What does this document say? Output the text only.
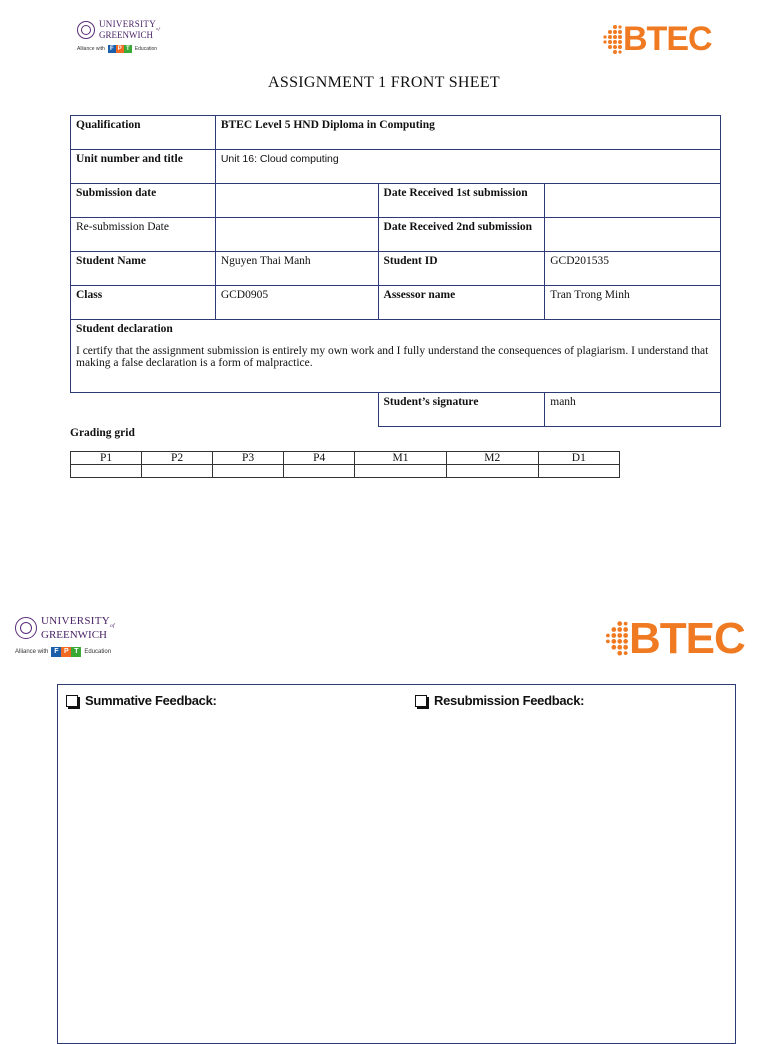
$UNIVERSITY_{of}$
GREENWICH
Alliance with F P T	Education	BTEC
ASSIGNMENT 1 FRONT SHEET
Qualification	BTEC Level 5 HND Diploma in Computing		
Unit number and title	Unit 16: Cloud computing		
Submission date		Date Received 1st submission	
Re-submission Date		Date Received 2nd submission	
Student Name	Nguyen Thai Manh	Student ID	GCD201535
Class	GCD0905	Assessor name	Tran Trong Minh

Student declaration
I certify that the assignment submission is entirely my own work and I fully understand the consequences of plagiarism. I understand that making a false declaration is a form of malpractice.			

		Student’s signature	manh
Grading grid
P1	P2	P3	P4	M1	M2	D1

$UNIVERSITY_{of}$
GREENWICH
Alliance with F P T Education	BTEC
Summative Feedback:	Resubmission Feedback:
